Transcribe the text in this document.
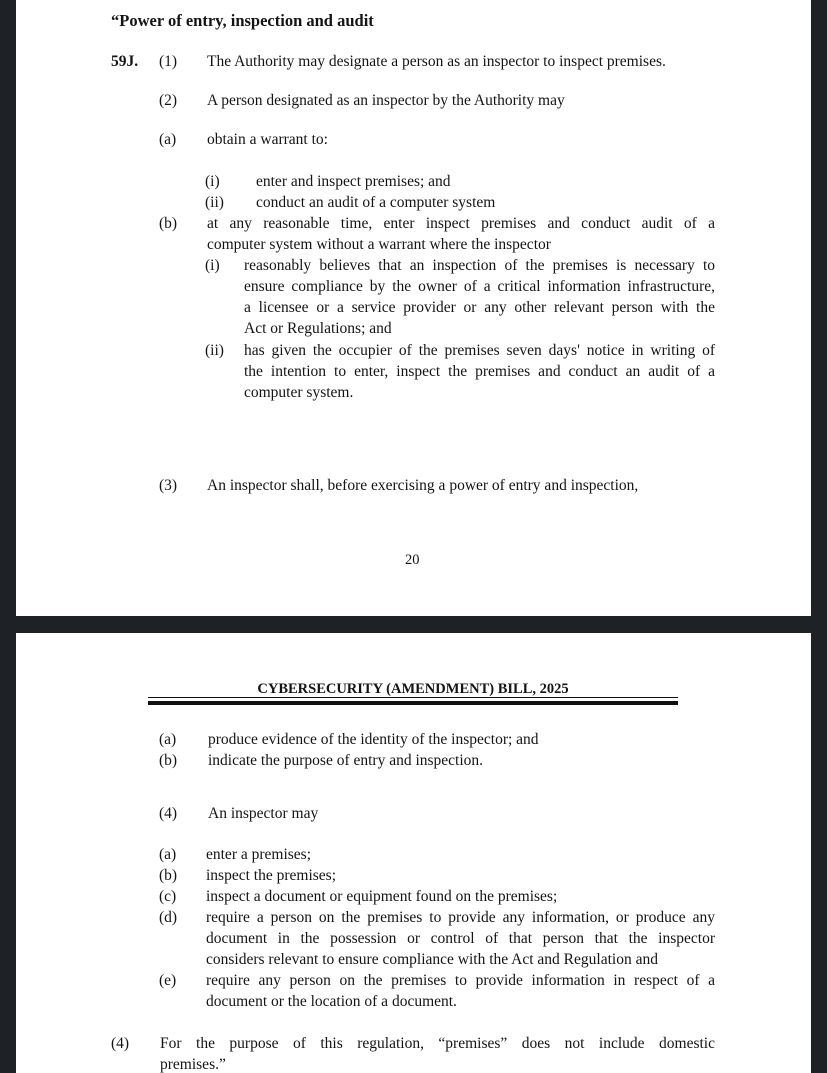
“Power of entry, inspection and audit
59J. (1) The Authority may designate a person as an inspector to inspect premises.
(2) A person designated as an inspector by the Authority may
(a) obtain a warrant to:
(i) enter and inspect premises; and
(ii) conduct an audit of a computer system
(b) at any reasonable time, enter inspect premises and conduct audit of a
computer system without a warrant where the inspector
(i) reasonably believes that an inspection of the premises is necessary to
ensure compliance by the owner of a critical information infrastructure,
a licensee or a service provider or any other relevant person with the
Act or Regulations; and
(ii) has given the occupier of the premises seven days' notice in writing of
the intention to enter, inspect the premises and conduct an audit of a
computer system.
(3) An inspector shall, before exercising a power of entry and inspection,
20
CYBERSECURITY (AMENDMENT) BILL, 2025
(a) produce evidence of the identity of the inspector; and
(b) indicate the purpose of entry and inspection.
(4) An inspector may
(a) enter a premises;
(b) inspect the premises;
(c) inspect a document or equipment found on the premises;
(d) require a person on the premises to provide any information, or produce any
document in the possession or control of that person that the inspector
considers relevant to ensure compliance with the Act and Regulation and
(e) require any person on the premises to provide information in respect of a
document or the location of a document.
(4) For the purpose of this regulation, “premises” does not include domestic
premises.”
